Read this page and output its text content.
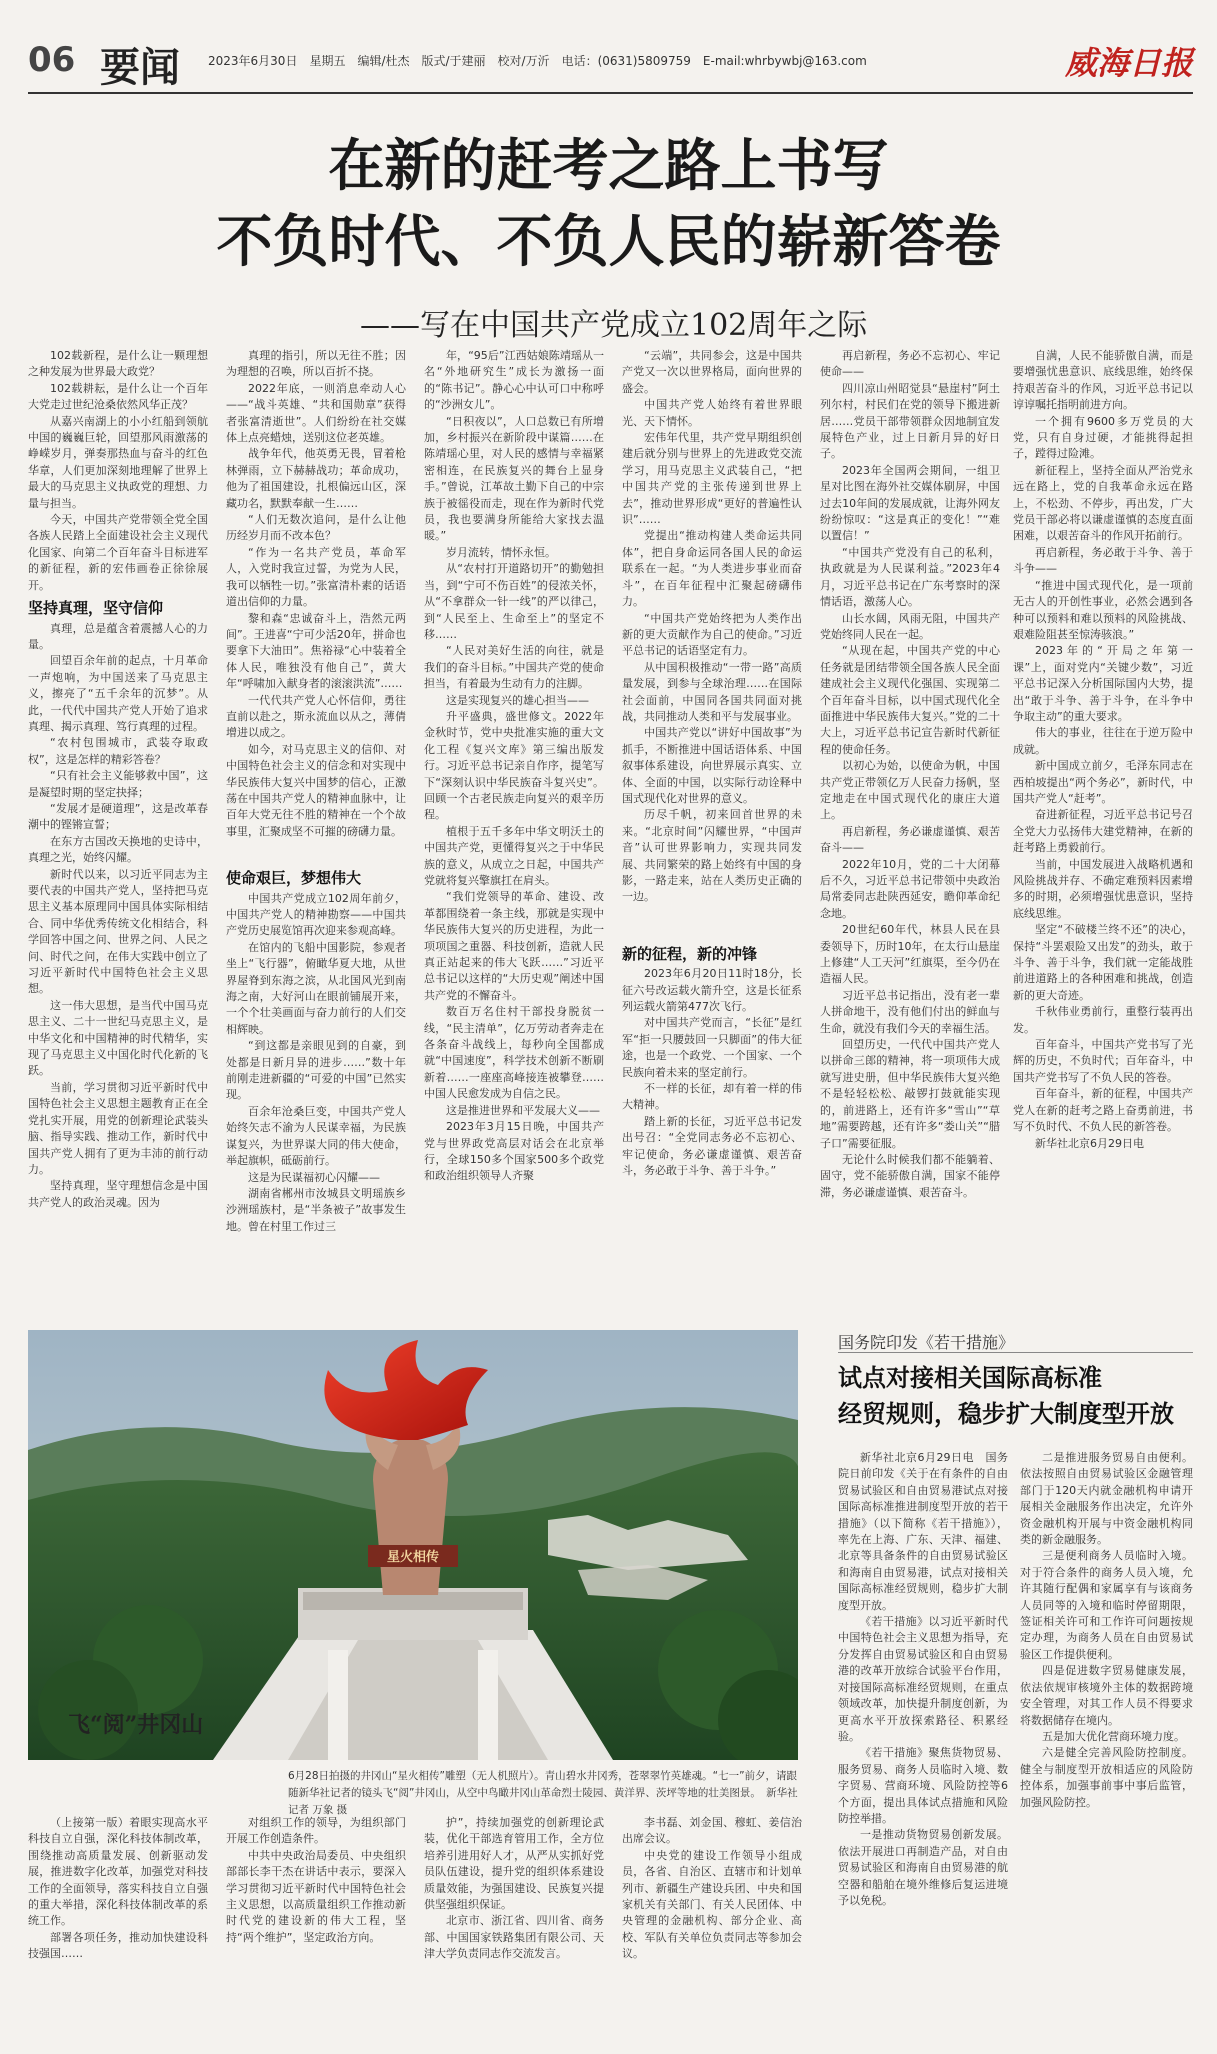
06 要闻 2023年6月30日　星期五　编辑/杜杰　版式/于建丽　校对/万沂　电话：(0631)5809759　E-mail:whrbywbj@163.com	威海日报
在新的赶考之路上书写
不负时代、不负人民的崭新答卷
——写在中国共产党成立102周年之际

102载新程，是什么让一颗理想之种发展为世界最大政党？

102载耕耘，是什么让一个百年大党走过世纪沧桑依然风华正茂？

从嘉兴南湖上的小小红船到领航中国的巍巍巨轮，回望那风雨激荡的峥嵘岁月，弹奏那热血与奋斗的红色华章，人们更加深刻地理解了世界上最大的马克思主义执政党的理想、力量与担当。

今天，中国共产党带领全党全国各族人民踏上全面建设社会主义现代化国家、向第二个百年奋斗目标进军的新征程，新的宏伟画卷正徐徐展开。

坚持真理，坚守信仰

真理，总是蕴含着震撼人心的力量。

回望百余年前的起点，十月革命一声炮响，为中国送来了马克思主义，擦亮了“五千余年的沉梦”。从此，一代代中国共产党人开始了追求真理、揭示真理、笃行真理的过程。

“农村包围城市，武装夺取政权”，这是怎样的精彩答卷？

“只有社会主义能够救中国”，这是凝望时期的坚定抉择；

“发展才是硬道理”，这是改革春潮中的铿锵宣誓；

在东方古国改天换地的史诗中，真理之光，始终闪耀。

新时代以来，以习近平同志为主要代表的中国共产党人，坚持把马克思主义基本原理同中国具体实际相结合、同中华优秀传统文化相结合，科学回答中国之问、世界之问、人民之问、时代之问，在伟大实践中创立了习近平新时代中国特色社会主义思想。

这一伟大思想，是当代中国马克思主义、二十一世纪马克思主义，是中华文化和中国精神的时代精华，实现了马克思主义中国化时代化新的飞跃。

当前，学习贯彻习近平新时代中国特色社会主义思想主题教育正在全党扎实开展，用党的创新理论武装头脑、指导实践、推动工作，新时代中国共产党人拥有了更为丰沛的前行动力。

坚持真理，坚守理想信念是中国共产党人的政治灵魂。因为

真理的指引，所以无往不胜；因为理想的召唤，所以百折不挠。

2022年底，一则消息牵动人心——“战斗英雄、“共和国勋章”获得者张富清逝世”。人们纷纷在社交媒体上点亮蜡烛，送别这位老英雄。

战争年代，他英勇无畏，冒着枪林弹雨，立下赫赫战功；革命成功，他为了祖国建设，扎根偏远山区，深藏功名，默默奉献一生……

“人们无数次追问，是什么让他历经岁月而不改本色？

“作为一名共产党员，革命军人，入党时我宣过誓，为党为人民，我可以牺牲一切。”张富清朴素的话语道出信仰的力量。

黎和森“忠诚奋斗上，浩然元两间”。王进喜“宁可少活20年，拼命也要拿下大油田”。焦裕禄“心中装着全体人民，唯独没有他自己”，黄大年“呼啸加入献身者的滚滚洪流”……

一代代共产党人心怀信仰，勇往直前以赴之，斯永流血以从之，薄倩增进以成之。

如今，对马克思主义的信仰、对中国特色社会主义的信念和对实现中华民族伟大复兴中国梦的信心，正激荡在中国共产党人的精神血脉中，让百年大党无往不胜的精神在一个个故事里，汇聚成坚不可摧的磅礴力量。

使命艰巨，梦想伟大

中国共产党成立102周年前夕，中国共产党人的精神勘察——中国共产党历史展览馆再次迎来参观高峰。

在馆内的飞船中国影院，参观者坐上“飞行器”，俯瞰华夏大地，从世界屋脊到东海之滨，从北国风光到南海之南，大好河山在眼前铺展开来，一个个壮美画面与奋力前行的人们交相辉映。

“到这都是亲眼见到的自豪，到处都是日新月异的进步……”数十年前刚走进新疆的“可爱的中国”已然实现。

百余年沧桑巨变，中国共产党人始终矢志不渝为人民谋幸福，为民族谋复兴，为世界谋大同的伟大使命，举起旗帜，砥砺前行。

这是为民谋福初心闪耀——

湖南省郴州市汝城县文明瑶族乡沙洲瑶族村，是“半条被子”故事发生地。曾在村里工作过三

年，“95后”江西姑娘陈靖瑶从一名“外地研究生”成长为激扬一面的“陈书记”。静心心中认可口中称呼的“沙洲女儿”。

“日积夜以”，人口总数已有所增加，乡村振兴在新阶段中谋篇……在陈靖瑶心里，对人民的感情与幸福紧密相连，在民族复兴的舞台上显身手。”曾说，江革故土勤下自己的中宗族于被徭役而走，现在作为新时代党员，我也要满身所能给大家找去温暖。”

岁月流转，情怀永恒。

从“农村打开道路切开”的勤勉担当，到“宁可不伤百姓”的侵浓关怀，从“不拿群众一针一线”的严以律己，到“人民至上、生命至上”的坚定不移……

“人民对美好生活的向往，就是我们的奋斗目标。”中国共产党的使命担当，有着最为生动有力的注脚。

这是实现复兴的雄心担当——

升平盛典，盛世修文。2022年金秋时节，党中央批准实施的重大文化工程《复兴文库》第三编出版发行。习近平总书记亲自作序，提笔写下“深刻认识中华民族奋斗复兴史”。回顾一个古老民族走向复兴的艰辛历程。

植根于五千多年中华文明沃土的中国共产党，更懂得复兴之于中华民族的意义，从成立之日起，中国共产党就将复兴擎旗扛在肩头。

“我们党领导的革命、建设、改革都围绕着一条主线，那就是实现中华民族伟大复兴的历史进程，为此一项项国之重器、科技创新，造就人民真正站起来的伟大飞跃……”习近平总书记以这样的“大历史观”阐述中国共产党的不懈奋斗。

数百万名住村干部投身脱贫一线，“民主清单”，亿万劳动者奔走在各条奋斗战线上，每秒向全国都成就“中国速度”，科学技术创新不断刷新着……一座座高峰接连被攀登……中国人民愈发成为自信之民。

这是推进世界和平发展大义——

2023年3月15日晚，中国共产党与世界政党高层对话会在北京举行，全球150多个国家500多个政党和政治组织领导人齐聚

“云端”，共同参会，这是中国共产党又一次以世界格局，面向世界的盛会。

中国共产党人始终有着世界眼光、天下情怀。

宏伟年代里，共产党早期组织创建后就分别与世界上的先进政党交流学习，用马克思主义武装自己，“把中国共产党的主张传递到世界上去”，推动世界形成“更好的普遍性认识”……

党提出“推动构建人类命运共同体”，把自身命运同各国人民的命运联系在一起。“为人类进步事业而奋斗”，在百年征程中汇聚起磅礴伟力。

“中国共产党始终把为人类作出新的更大贡献作为自己的使命。”习近平总书记的话语坚定有力。

从中国积极推动“一带一路”高质量发展，到参与全球治理……在国际社会面前，中国同各国共同面对挑战，共同推动人类和平与发展事业。

中国共产党以“讲好中国故事”为抓手，不断推进中国话语体系、中国叙事体系建设，向世界展示真实、立体、全面的中国，以实际行动诠释中国式现代化对世界的意义。

历尽千帆，初来回首世界的未来。“北京时间”闪耀世界，“中国声音”认可世界影响力，实现共同发展、共同繁荣的路上始终有中国的身影，一路走来，站在人类历史正确的一边。

新的征程，新的冲锋

2023年6月20日11时18分，长征六号改运载火箭升空，这是长征系列运载火箭第477次飞行。

对中国共产党而言，“长征”是红军“拒一只腰鼓回一只脚面”的伟大征途，也是一个政党、一个国家、一个民族向着未来的坚定前行。

不一样的长征，却有着一样的伟大精神。

踏上新的长征，习近平总书记发出号召：“全党同志务必不忘初心、牢记使命，务必谦虚谨慎、艰苦奋斗，务必敢于斗争、善于斗争。”

再启新程，务必不忘初心、牢记使命——

四川凉山州昭觉县“悬崖村”阿土列尔村，村民们在党的领导下搬进新居……党员干部带领群众因地制宜发展特色产业，过上日新月异的好日子。

2023年全国两会期间，一组卫星对比图在海外社交媒体刷屏，中国过去10年间的发展成就，让海外网友纷纷惊叹：“这是真正的变化！”“难以置信！”

“中国共产党没有自己的私利，执政就是为人民谋利益。”2023年4月，习近平总书记在广东考察时的深情话语，激荡人心。

山长水阔，风雨无阻，中国共产党始终同人民在一起。

“从现在起，中国共产党的中心任务就是团结带领全国各族人民全面建成社会主义现代化强国、实现第二个百年奋斗目标，以中国式现代化全面推进中华民族伟大复兴。”党的二十大上，习近平总书记宣告新时代新征程的使命任务。

以初心为始，以使命为帆，中国共产党正带领亿万人民奋力扬帆，坚定地走在中国式现代化的康庄大道上。

再启新程，务必谦虚谨慎、艰苦奋斗——

2022年10月，党的二十大闭幕后不久，习近平总书记带领中央政治局常委同志赴陕西延安，瞻仰革命纪念地。

20世纪60年代，林县人民在县委领导下，历时10年，在太行山悬崖上修建“人工天河”红旗渠，至今仍在造福人民。

习近平总书记指出，没有老一辈人拼命地干，没有他们付出的鲜血与生命，就没有我们今天的幸福生活。

回望历史，一代代中国共产党人以拼命三郎的精神，将一项项伟大成就写进史册，但中华民族伟大复兴绝不是轻轻松松、敲锣打鼓就能实现的，前进路上，还有许多“雪山”“草地”需要跨越，还有许多“娄山关”“腊子口”需要征服。

无论什么时候我们都不能躺着、固守，党不能骄傲自满，国家不能停滞，务必谦虚谨慎、艰苦奋斗。

自满，人民不能骄傲自满，而是要增强忧患意识、底线思维，始终保持艰苦奋斗的作风，习近平总书记以谆谆嘱托指明前进方向。

一个拥有9600多万党员的大党，只有自身过硬，才能挑得起担子，蹚得过险滩。

新征程上，坚持全面从严治党永远在路上，党的自我革命永远在路上，不松劲、不停步，再出发，广大党员干部必将以谦虚谨慎的态度直面困难，以艰苦奋斗的作风开拓前行。

再启新程，务必敢于斗争、善于斗争——

“推进中国式现代化，是一项前无古人的开创性事业，必然会遇到各种可以预料和难以预料的风险挑战、艰难险阻甚至惊涛骇浪。”

2023年的“开局之年第一课”上，面对党内“关键少数”，习近平总书记深入分析国际国内大势，提出“敢于斗争、善于斗争，在斗争中争取主动”的重大要求。

伟大的事业，往往在于逆万险中成就。

新中国成立前夕，毛泽东同志在西柏坡提出“两个务必”，新时代，中国共产党人“赶考”。

奋进新征程，习近平总书记号召全党大力弘扬伟大建党精神，在新的赶考路上勇毅前行。

当前，中国发展进入战略机遇和风险挑战并存、不确定难预料因素增多的时期，必须增强忧患意识，坚持底线思维。

坚定“不破楼兰终不还”的决心，保持“斗罢艰险又出发”的劲头，敢于斗争、善于斗争，我们就一定能战胜前进道路上的各种困难和挑战，创造新的更大奇迹。

千秋伟业勇前行，重整行装再出发。

百年奋斗，中国共产党书写了光辉的历史，不负时代；百年奋斗，中国共产党书写了不负人民的答卷。

百年奋斗，新的征程，中国共产党人在新的赶考之路上奋勇前进，书写不负时代、不负人民的新答卷。

新华社北京6月29日电

星火相传
飞“阅”井冈山
6月28日拍摄的井冈山“星火相传”雕塑（无人机照片）。青山碧水井冈秀，苍翠翠竹英雄魂。“七一”前夕，请跟随新华社记者的镜头飞“阅”井冈山，从空中鸟瞰井冈山革命烈士陵园、黄洋界、茨坪等地的壮美图景。　新华社记者 万象 摄
国务院印发《若干措施》
试点对接相关国际高标准
经贸规则，稳步扩大制度型开放

新华社北京6月29日电　国务院日前印发《关于在有条件的自由贸易试验区和自由贸易港试点对接国际高标准推进制度型开放的若干措施》（以下简称《若干措施》），率先在上海、广东、天津、福建、北京等具备条件的自由贸易试验区和海南自由贸易港，试点对接相关国际高标准经贸规则，稳步扩大制度型开放。

《若干措施》以习近平新时代中国特色社会主义思想为指导，充分发挥自由贸易试验区和自由贸易港的改革开放综合试验平台作用，对接国际高标准经贸规则，在重点领域改革，加快提升制度创新，为更高水平开放探索路径、积累经验。

《若干措施》聚焦货物贸易、服务贸易、商务人员临时入境、数字贸易、营商环境、风险防控等6个方面，提出具体试点措施和风险防控举措。

一是推动货物贸易创新发展。依法开展进口再制造产品，对自由贸易试验区和海南自由贸易港的航空器和船舶在境外维修后复运进境予以免税。

二是推进服务贸易自由便利。依法按照自由贸易试验区金融管理部门于120天内就金融机构申请开展相关金融服务作出决定，允许外资金融机构开展与中资金融机构同类的新金融服务。

三是便利商务人员临时入境。对于符合条件的商务人员入境，允许其随行配偶和家属享有与该商务人员同等的入境和临时停留期限，签证相关许可和工作许可问题按规定办理，为商务人员在自由贸易试验区工作提供便利。

四是促进数字贸易健康发展，依法依规审核境外主体的数据跨境安全管理，对其工作人员不得要求将数据储存在境内。

五是加大优化营商环境力度。

六是健全完善风险防控制度。健全与制度型开放相适应的风险防控体系，加强事前事中事后监管，加强风险防控。

（上接第一版）着眼实现高水平科技自立自强，深化科技体制改革，围绕推动高质量发展、创新驱动发展，推进数字化改革，加强党对科技工作的全面领导，落实科技自立自强的重大举措，深化科技体制改革的系统工作。

部署各项任务，推动加快建设科技强国……

对组织工作的领导，为组织部门开展工作创造条件。

中共中央政治局委员、中央组织部部长李干杰在讲话中表示，要深入学习贯彻习近平新时代中国特色社会主义思想，以高质量组织工作推动新时代党的建设新的伟大工程，坚持“两个维护”，坚定政治方向。

护”，持续加强党的创新理论武装，优化干部选育管用工作，全方位培养引进用好人才，从严从实抓好党员队伍建设，提升党的组织体系建设质量效能，为强国建设、民族复兴提供坚强组织保证。

北京市、浙江省、四川省、商务部、中国国家铁路集团有限公司、天津大学负责同志作交流发言。

李书磊、刘金国、穆虹、姜信治出席会议。

中央党的建设工作领导小组成员，各省、自治区、直辖市和计划单列市、新疆生产建设兵团、中央和国家机关有关部门、有关人民团体、中央管理的金融机构、部分企业、高校、军队有关单位负责同志等参加会议。
